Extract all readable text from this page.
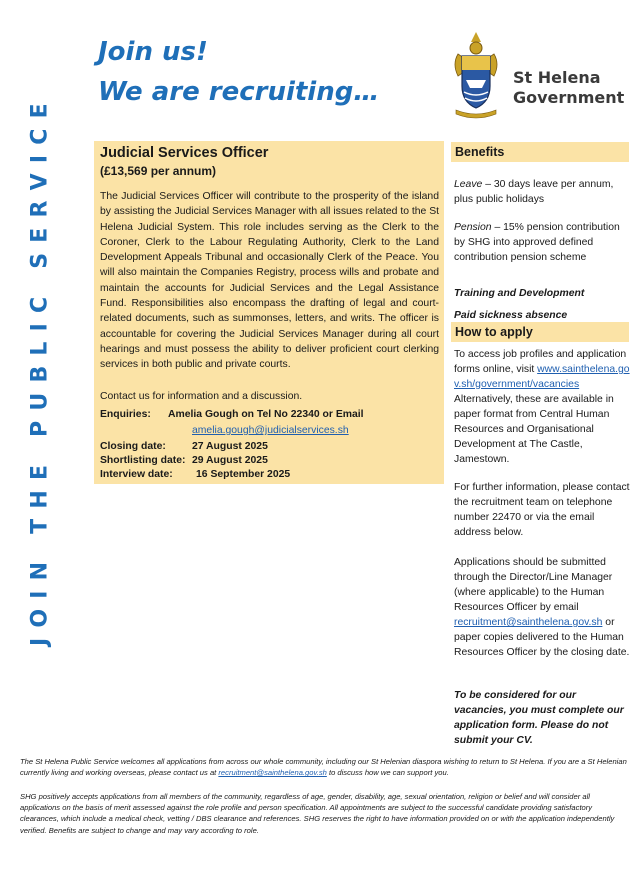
JOIN THE PUBLIC SERVICE
Join us!
We are recruiting…	St Helena
Government
Judicial Services Officer
(£13,569 per annum)
The Judicial Services Officer will contribute to the prosperity of the island by assisting the Judicial Services Manager with all issues related to the St Helena Judicial System. This role includes serving as the Clerk to the Coroner, Clerk to the Labour Regulating Authority, Clerk to the Land Development Appeals Tribunal and occasionally Clerk of the Peace. You will also maintain the Companies Registry, process wills and probate and maintain the accounts for Judicial Services and the Legal Assistance Fund. Responsibilities also encompass the drafting of legal and court-related documents, such as summonses, letters, and writs. The officer is accountable for covering the Judicial Services Manager during all court hearings and must possess the ability to deliver proficient court clerking services in both public and private courts.
Contact us for information and a discussion.
Enquiries: Amelia Gough on Tel No 22340 or Email
amelia.gough@judicialservices.sh
Closing date:	27 August 2025
Shortlisting date: 29 August 2025
Interview date: 16 September 2025
Benefits
Leave – 30 days leave per annum, plus public holidays
Pension – 15% pension contribution by SHG into approved defined contribution pension scheme
Training and Development
Paid sickness absence
How to apply
To access job profiles and application forms online, visit www.sainthelena.gov.sh/government/vacancies Alternatively, these are available in paper format from Central Human Resources and Organisational Development at The Castle, Jamestown.
For further information, please contact the recruitment team on telephone number 22470 or via the email address below.
Applications should be submitted through the Director/Line Manager (where applicable) to the Human Resources Officer by email recruitment@sainthelena.gov.sh or paper copies delivered to the Human Resources Officer by the closing date.
To be considered for our vacancies, you must complete our application form. Please do not submit your CV.
The St Helena Public Service welcomes all applications from across our whole community, including our St Helenian diaspora wishing to return to St Helena. If you are a St Helenian currently living and working overseas, please contact us at recruitment@sainthelena.gov.sh to discuss how we can support you.
SHG positively accepts applications from all members of the community, regardless of age, gender, disability, age, sexual orientation, religion or belief and will consider all applications on the basis of merit assessed against the role profile and person specification. All appointments are subject to the successful candidate providing satisfactory clearances, which include a medical check, vetting / DBS clearance and references. SHG reserves the right to have information provided on or with the application independently verified. Benefits are subject to change and may vary according to role.
